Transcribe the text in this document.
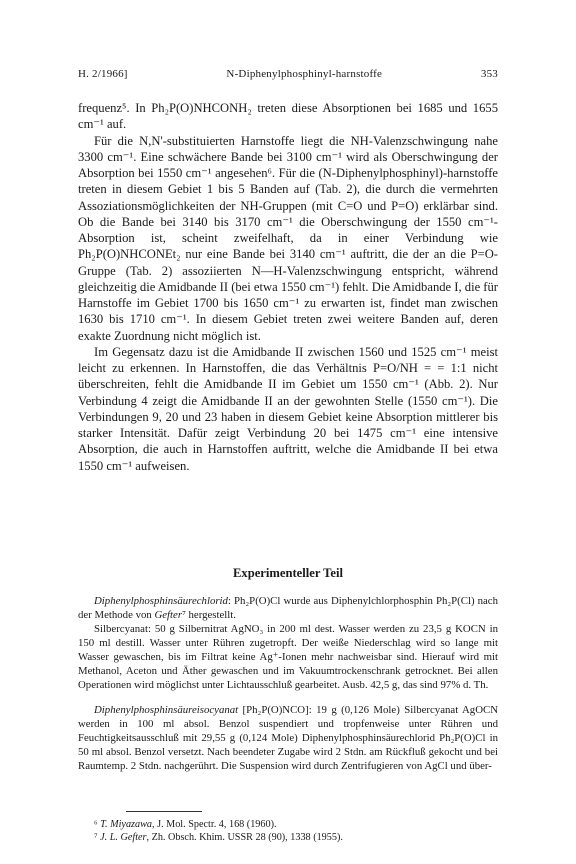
H. 2/1966]	N-Diphenylphosphinyl-harnstoffe	353

frequenz⁵. In Ph₂P(O)NHCONH₂ treten diese Absorptionen bei 1685 und 1655 cm⁻¹ auf.

Für die N,N'-substituierten Harnstoffe liegt die NH-Valenzschwingung nahe 3300 cm⁻¹. Eine schwächere Bande bei 3100 cm⁻¹ wird als Oberschwingung der Absorption bei 1550 cm⁻¹ angesehen⁶. Für die (N-Diphenylphosphinyl)-harnstoffe treten in diesem Gebiet 1 bis 5 Banden auf (Tab. 2), die durch die vermehrten Assoziationsmöglichkeiten der NH-Gruppen (mit C=O und P=O) erklärbar sind. Ob die Bande bei 3140 bis 3170 cm⁻¹ die Oberschwingung der 1550 cm⁻¹-Absorption ist, scheint zweifelhaft, da in einer Verbindung wie Ph₂P(O)NHCONEt₂ nur eine Bande bei 3140 cm⁻¹ auftritt, die der an die P=O-Gruppe (Tab. 2) assoziierten N—H-Valenzschwingung entspricht, während gleichzeitig die Amidbande II (bei etwa 1550 cm⁻¹) fehlt. Die Amidbande I, die für Harnstoffe im Gebiet 1700 bis 1650 cm⁻¹ zu erwarten ist, findet man zwischen 1630 bis 1710 cm⁻¹. In diesem Gebiet treten zwei weitere Banden auf, deren exakte Zuordnung nicht möglich ist.

Im Gegensatz dazu ist die Amidbande II zwischen 1560 und 1525 cm⁻¹ meist leicht zu erkennen. In Harnstoffen, die das Verhältnis P=O/NH = = 1:1 nicht überschreiten, fehlt die Amidbande II im Gebiet um 1550 cm⁻¹ (Abb. 2). Nur Verbindung 4 zeigt die Amidbande II an der gewohnten Stelle (1550 cm⁻¹). Die Verbindungen 9, 20 und 23 haben in diesem Gebiet keine Absorption mittlerer bis starker Intensität. Dafür zeigt Verbindung 20 bei 1475 cm⁻¹ eine intensive Absorption, die auch in Harnstoffen auftritt, welche die Amidbande II bei etwa 1550 cm⁻¹ aufweisen.

Experimenteller Teil

Diphenylphosphinsäurechlorid: Ph₂P(O)Cl wurde aus Diphenylchlorphosphin Ph₂P(Cl) nach der Methode von Gefter⁷ hergestellt.

Silbercyanat: 50 g Silbernitrat AgNO₃ in 200 ml dest. Wasser werden zu 23,5 g KOCN in 150 ml destill. Wasser unter Rühren zugetropft. Der weiße Niederschlag wird so lange mit Wasser gewaschen, bis im Filtrat keine Ag⁺-Ionen mehr nachweisbar sind. Hierauf wird mit Methanol, Aceton und Äther gewaschen und im Vakuumtrockenschrank getrocknet. Bei allen Operationen wird möglichst unter Lichtausschluß gearbeitet. Ausb. 42,5 g, das sind 97% d. Th.

Diphenylphosphinsäureisocyanat [Ph₂P(O)NCO]: 19 g (0,126 Mole) Silbercyanat AgOCN werden in 100 ml absol. Benzol suspendiert und tropfenweise unter Rühren und Feuchtigkeitsausschluß mit 29,55 g (0,124 Mole) Diphenylphosphinsäurechlorid Ph₂P(O)Cl in 50 ml absol. Benzol versetzt. Nach beendeter Zugabe wird 2 Stdn. am Rückfluß gekocht und bei Raumtemp. 2 Stdn. nachgerührt. Die Suspension wird durch Zentrifugieren von AgCl und über-

⁶ T. Miyazawa, J. Mol. Spectr. 4, 168 (1960).
⁷ J. L. Gefter, Zh. Obsch. Khim. USSR 28 (90), 1338 (1955).
